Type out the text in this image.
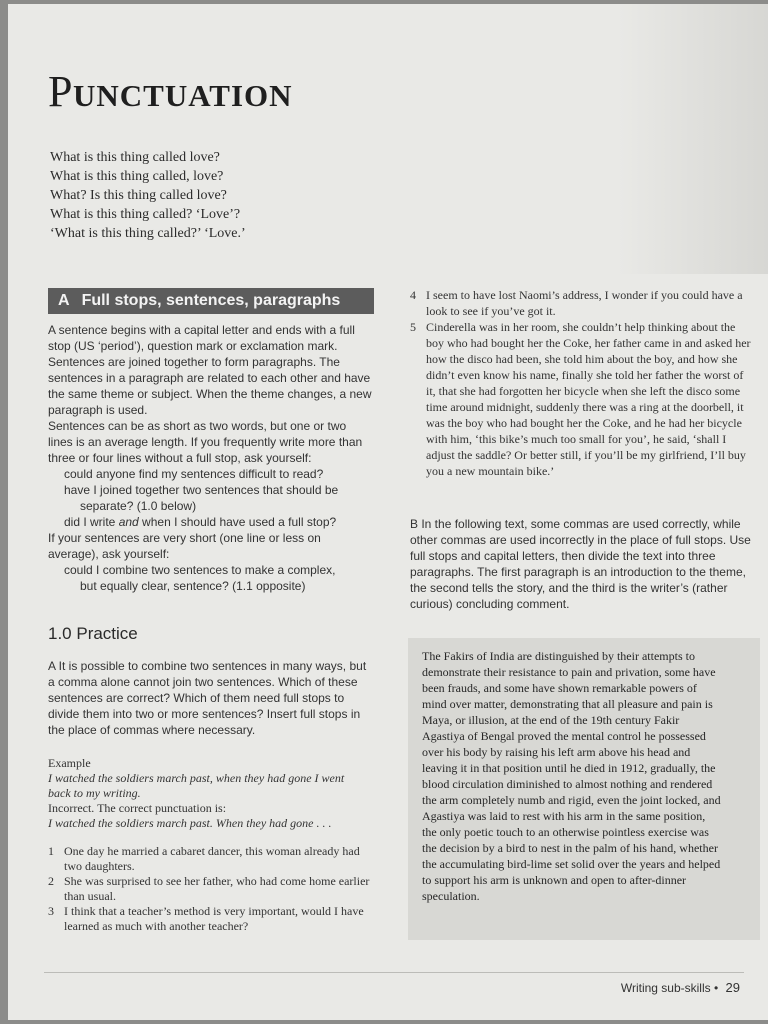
PUNCTUATION
What is this thing called love?
What is this thing called, love?
What? Is this thing called love?
What is this thing called? ‘Love’?
‘What is this thing called?’ ‘Love.’
A Full stops, sentences, paragraphs

A sentence begins with a capital letter and ends with a full stop (US ‘period’), question mark or exclamation mark. Sentences are joined together to form paragraphs. The sentences in a paragraph are related to each other and have the same theme or subject. When the theme changes, a new paragraph is used.

Sentences can be as short as two words, but one or two lines is an average length. If you frequently write more than three or four lines without a full stop, ask yourself:

could anyone find my sentences difficult to read?
have I joined together two sentences that should be
separate? (1.0 below)
did I write and when I should have used a full stop?

If your sentences are very short (one line or less on average), ask yourself:

could I combine two sentences to make a complex,
but equally clear, sentence? (1.1 opposite)
1.0 Practice

A It is possible to combine two sentences in many ways, but a comma alone cannot join two sentences. Which of these sentences are correct? Which of them need full stops to divide them into two or more sentences? Insert full stops in the place of commas where necessary.

Example
I watched the soldiers march past, when they had gone I went back to my writing.
Incorrect. The correct punctuation is:
I watched the soldiers march past. When they had gone . . .
1 One day he married a cabaret dancer, this woman already had two daughters.
2 She was surprised to see her father, who had come home earlier than usual.
3 I think that a teacher’s method is very important, would I have learned as much with another teacher?
4 I seem to have lost Naomi’s address, I wonder if you could have a look to see if you’ve got it.
5 Cinderella was in her room, she couldn’t help thinking about the boy who had bought her the Coke, her father came in and asked her how the disco had been, she told him about the boy, and how she didn’t even know his name, finally she told her father the worst of it, that she had forgotten her bicycle when she left the disco some time around midnight, suddenly there was a ring at the doorbell, it was the boy who had bought her the Coke, and he had her bicycle with him, ‘this bike’s much too small for you’, he said, ‘shall I adjust the saddle? Or better still, if you’ll be my girlfriend, I’ll buy you a new mountain bike.’

B In the following text, some commas are used correctly, while other commas are used incorrectly in the place of full stops. Use full stops and capital letters, then divide the text into three paragraphs. The first paragraph is an introduction to the theme, the second tells the story, and the third is the writer’s (rather curious) concluding comment.

The Fakirs of India are distinguished by their attempts to demonstrate their resistance to pain and privation, some have been frauds, and some have shown remarkable powers of mind over matter, demonstrating that all pleasure and pain is Maya, or illusion, at the end of the 19th century Fakir Agastiya of Bengal proved the mental control he possessed over his body by raising his left arm above his head and leaving it in that position until he died in 1912, gradually, the blood circulation diminished to almost nothing and rendered the arm completely numb and rigid, even the joint locked, and Agastiya was laid to rest with his arm in the same position, the only poetic touch to an otherwise pointless exercise was the decision by a bird to nest in the palm of his hand, whether the accumulating bird-lime set solid over the years and helped to support his arm is unknown and open to after-dinner speculation.
Writing sub-skills • 29
